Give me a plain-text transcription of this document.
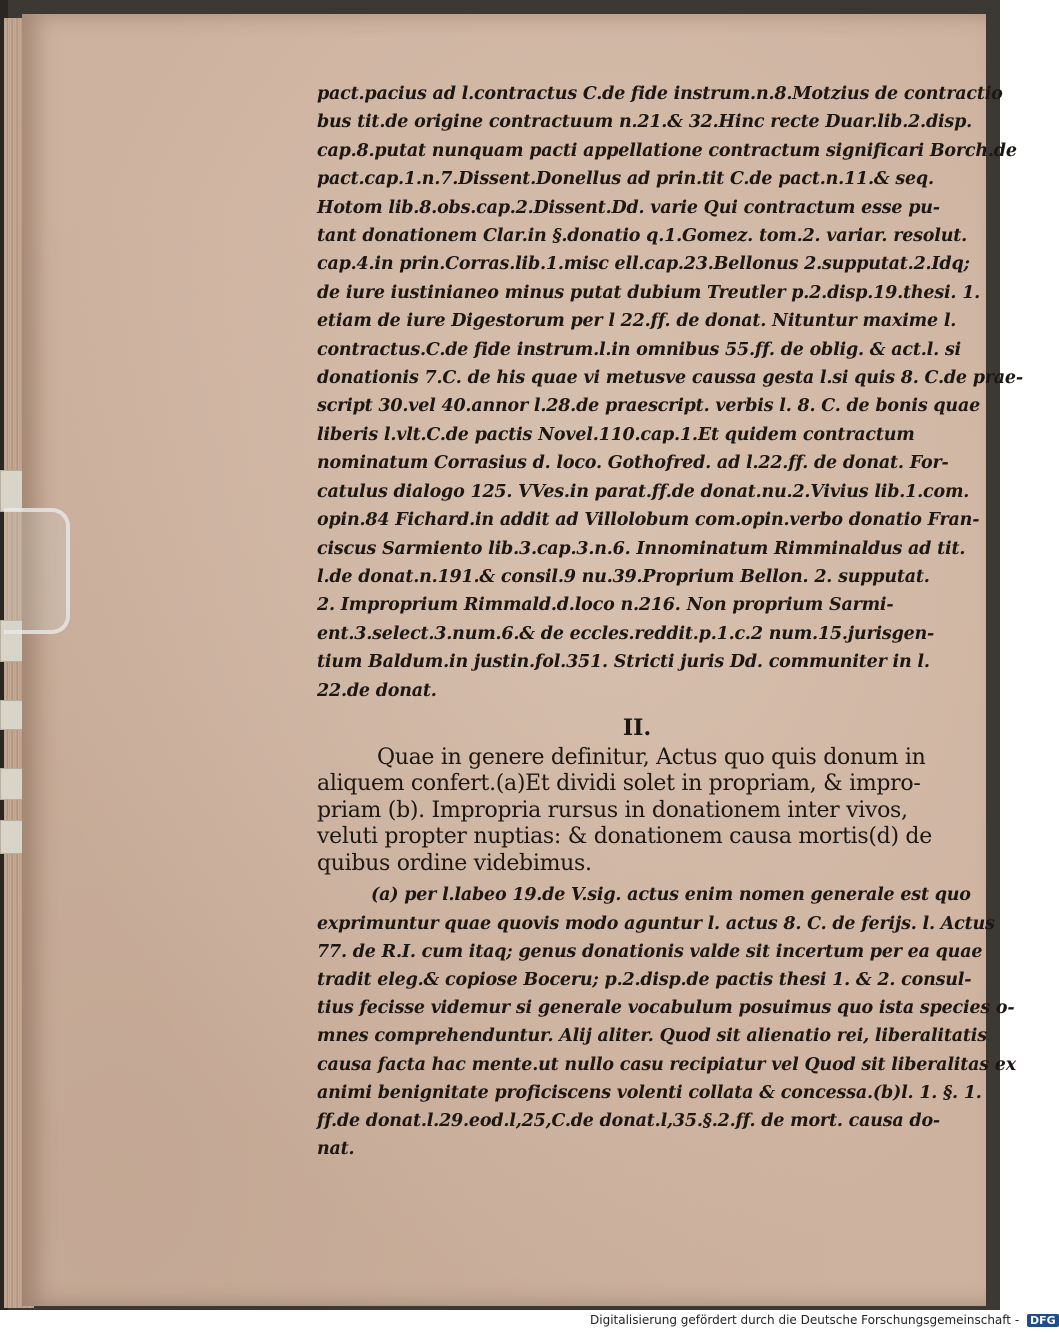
pact.pacius ad l.contractus C.de fide instrum.n.8.Motzius de contractio
bus tit.de origine contractuum n.21.& 32.Hinc recte Duar.lib.2.disp.
cap.8.putat nunquam pacti appellatione contractum significari Borch.de
pact.cap.1.n.7.Dissent.Donellus ad prin.tit C.de pact.n.11.& seq.
Hotom lib.8.obs.cap.2.Dissent.Dd. varie Qui contractum esse pu-
tant donationem Clar.in §.donatio q.1.Gomez. tom.2. variar. resolut.
cap.4.in prin.Corras.lib.1.misc ell.cap.23.Bellonus 2.supputat.2.Idq;
de iure iustinianeo minus putat dubium Treutler p.2.disp.19.thesi. 1.
etiam de iure Digestorum per l 22.ff. de donat. Nituntur maxime l.
contractus.C.de fide instrum.l.in omnibus 55.ff. de oblig. & act.l. si
donationis 7.C. de his quae vi metusve caussa gesta l.si quis 8. C.de prae-
script 30.vel 40.annor l.28.de praescript. verbis l. 8. C. de bonis quae
liberis l.vlt.C.de pactis Novel.110.cap.1.Et quidem contractum
nominatum Corrasius d. loco. Gothofred. ad l.22.ff. de donat. For-
catulus dialogo 125. VVes.in parat.ff.de donat.nu.2.Vivius lib.1.com.
opin.84 Fichard.in addit ad Villolobum com.opin.verbo donatio Fran-
ciscus Sarmiento lib.3.cap.3.n.6. Innominatum Rimminaldus ad tit.
l.de donat.n.191.& consil.9 nu.39.Proprium Bellon. 2. supputat.
2. Improprium Rimmald.d.loco n.216. Non proprium Sarmi-
ent.3.select.3.num.6.& de eccles.reddit.p.1.c.2 num.15.jurisgen-
tium Baldum.in justin.fol.351. Stricti juris Dd. communiter in l.
22.de donat.
II.
Quae in genere definitur, Actus quo quis donum in
aliquem confert.(a)Et dividi solet in propriam, & impro-
priam (b). Impropria rursus in donationem inter vivos,
veluti propter nuptias: & donationem causa mortis(d) de
quibus ordine videbimus.
(a) per l.labeo 19.de V.sig. actus enim nomen generale est quo
exprimuntur quae quovis modo aguntur l. actus 8. C. de ferijs. l. Actus
77. de R.I. cum itaq; genus donationis valde sit incertum per ea quae
tradit eleg.& copiose Boceru; p.2.disp.de pactis thesi 1. & 2. consul-
tius fecisse videmur si generale vocabulum posuimus quo ista species o-
mnes comprehenduntur. Alij aliter. Quod sit alienatio rei, liberalitatis
causa facta hac mente.ut nullo casu recipiatur vel Quod sit liberalitas ex
animi benignitate proficiscens volenti collata & concessa.(b)l. 1. §. 1.
ff.de donat.l.29.eod.l,25,C.de donat.l,35.§.2.ff. de mort. causa do-
nat.
Digitalisierung gefördert durch die Deutsche Forschungsgemeinschaft - DFG
